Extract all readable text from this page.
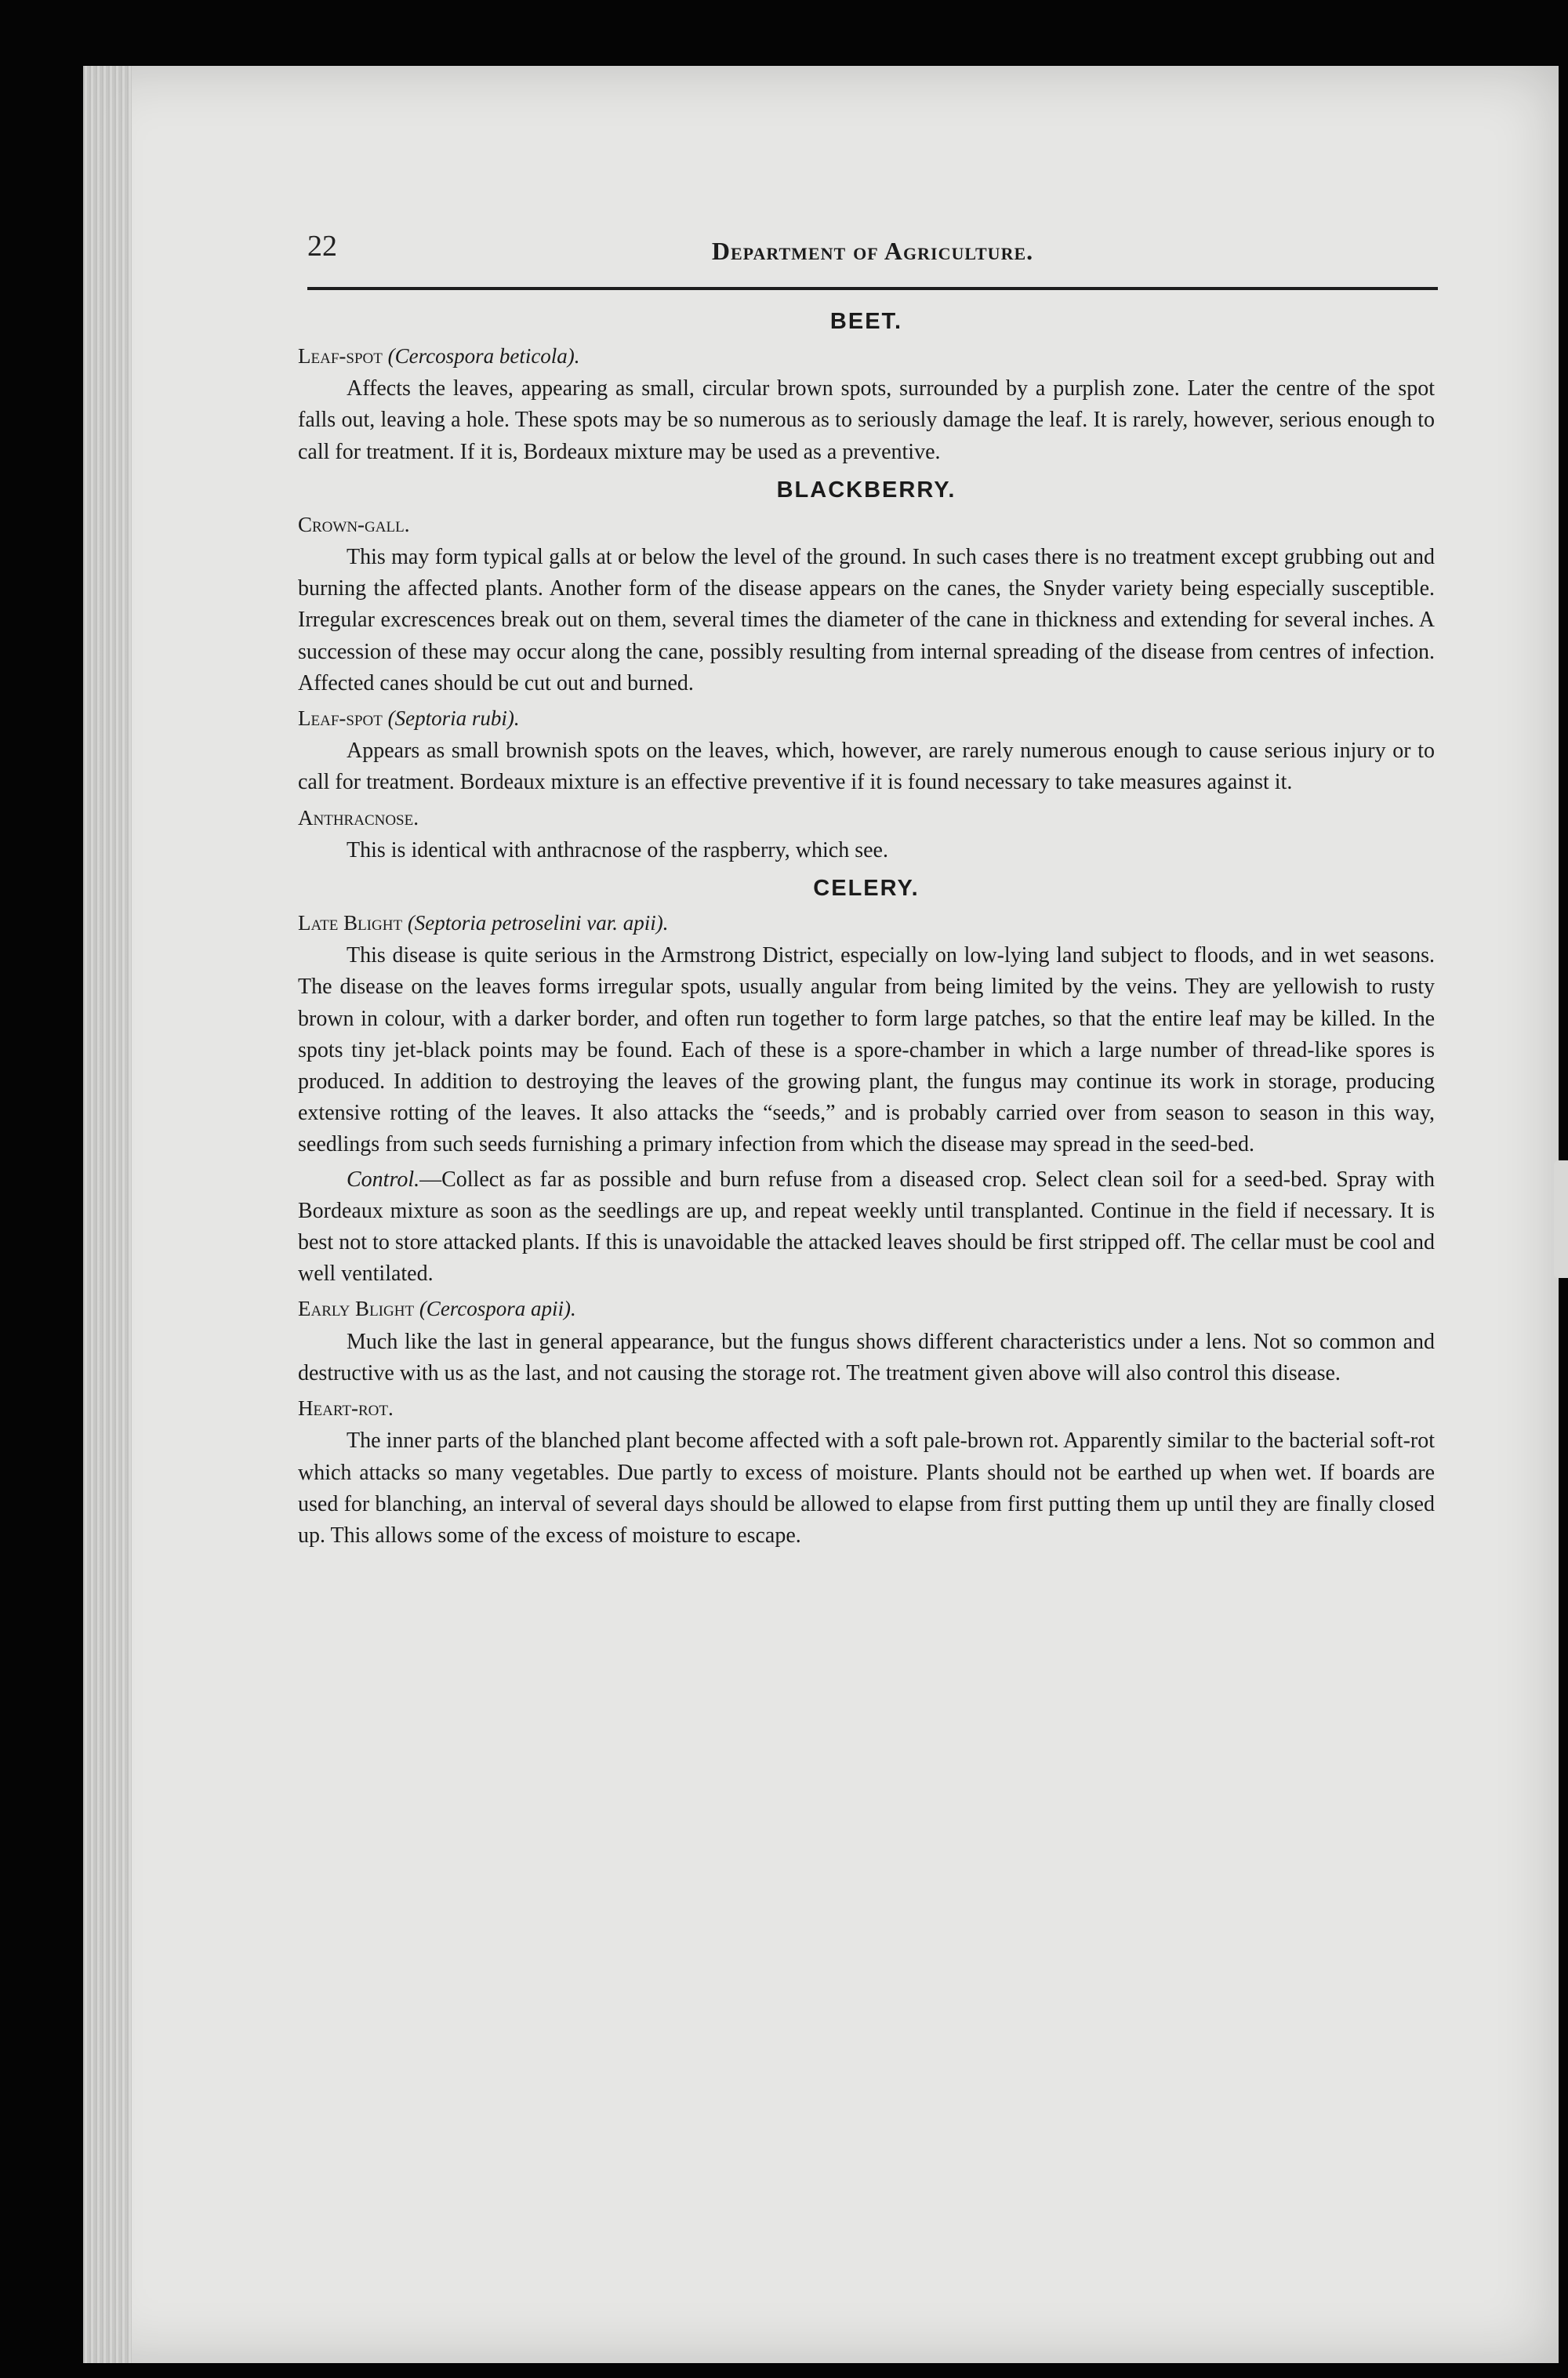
22	Department of Agriculture.
BEET.
Leaf-spot (Cercospora beticola).

Affects the leaves, appearing as small, circular brown spots, surrounded by a purplish zone. Later the centre of the spot falls out, leaving a hole. These spots may be so numerous as to seriously damage the leaf. It is rarely, however, serious enough to call for treatment. If it is, Bordeaux mixture may be used as a preventive.

BLACKBERRY.
Crown-gall.

This may form typical galls at or below the level of the ground. In such cases there is no treatment except grubbing out and burning the affected plants. Another form of the disease appears on the canes, the Snyder variety being especially susceptible. Irregular excrescences break out on them, several times the diameter of the cane in thickness and extending for several inches. A succession of these may occur along the cane, possibly resulting from internal spreading of the disease from centres of infection. Affected canes should be cut out and burned.

Leaf-spot (Septoria rubi).

Appears as small brownish spots on the leaves, which, however, are rarely numerous enough to cause serious injury or to call for treatment. Bordeaux mixture is an effective preventive if it is found necessary to take measures against it.

Anthracnose.

This is identical with anthracnose of the raspberry, which see.

CELERY.
Late Blight (Septoria petroselini var. apii).

This disease is quite serious in the Armstrong District, especially on low-lying land subject to floods, and in wet seasons. The disease on the leaves forms irregular spots, usually angular from being limited by the veins. They are yellowish to rusty brown in colour, with a darker border, and often run together to form large patches, so that the entire leaf may be killed. In the spots tiny jet-black points may be found. Each of these is a spore-chamber in which a large number of thread-like spores is produced. In addition to destroying the leaves of the growing plant, the fungus may continue its work in storage, producing extensive rotting of the leaves. It also attacks the “seeds,” and is probably carried over from season to season in this way, seedlings from such seeds furnishing a primary infection from which the disease may spread in the seed-bed.

Control.—Collect as far as possible and burn refuse from a diseased crop. Select clean soil for a seed-bed. Spray with Bordeaux mixture as soon as the seedlings are up, and repeat weekly until transplanted. Continue in the field if necessary. It is best not to store attacked plants. If this is unavoidable the attacked leaves should be first stripped off. The cellar must be cool and well ventilated.

Early Blight (Cercospora apii).

Much like the last in general appearance, but the fungus shows different characteristics under a lens. Not so common and destructive with us as the last, and not causing the storage rot. The treatment given above will also control this disease.

Heart-rot.

The inner parts of the blanched plant become affected with a soft pale-brown rot. Apparently similar to the bacterial soft-rot which attacks so many vegetables. Due partly to excess of moisture. Plants should not be earthed up when wet. If boards are used for blanching, an interval of several days should be allowed to elapse from first putting them up until they are finally closed up. This allows some of the excess of moisture to escape.
